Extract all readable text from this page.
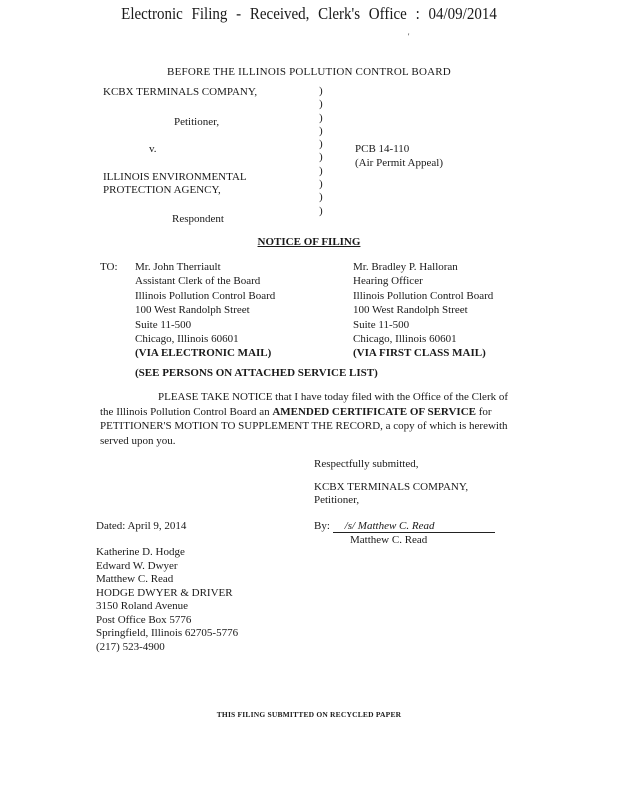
Electronic Filing - Received, Clerk's Office : 04/09/2014
'
BEFORE THE ILLINOIS POLLUTION CONTROL BOARD
KCBX TERMINALS COMPANY,
Petitioner,
v.
ILLINOIS ENVIRONMENTAL
PROTECTION AGENCY,
Respondent
)
)
)
)
)
)
)
)
)
)
PCB 14-110
(Air Permit Appeal)
NOTICE OF FILING
TO: Mr. John Therriault
Assistant Clerk of the Board
Illinois Pollution Control Board
100 West Randolph Street
Suite 11-500
Chicago, Illinois 60601
(VIA ELECTRONIC MAIL)
Mr. Bradley P. Halloran
Hearing Officer
Illinois Pollution Control Board
100 West Randolph Street
Suite 11-500
Chicago, Illinois 60601
(VIA FIRST CLASS MAIL)
(SEE PERSONS ON ATTACHED SERVICE LIST)
PLEASE TAKE NOTICE that I have today filed with the Office of the Clerk of the Illinois Pollution Control Board an AMENDED CERTIFICATE OF SERVICE for PETITIONER'S MOTION TO SUPPLEMENT THE RECORD, a copy of which is herewith served upon you.
Respectfully submitted,
KCBX TERMINALS COMPANY,
Petitioner,
By: /s/ Matthew C. Read
Matthew C. Read
Dated: April 9, 2014
Katherine D. Hodge
Edward W. Dwyer
Matthew C. Read
HODGE DWYER & DRIVER
3150 Roland Avenue
Post Office Box 5776
Springfield, Illinois 62705-5776
(217) 523-4900
THIS FILING SUBMITTED ON RECYCLED PAPER
